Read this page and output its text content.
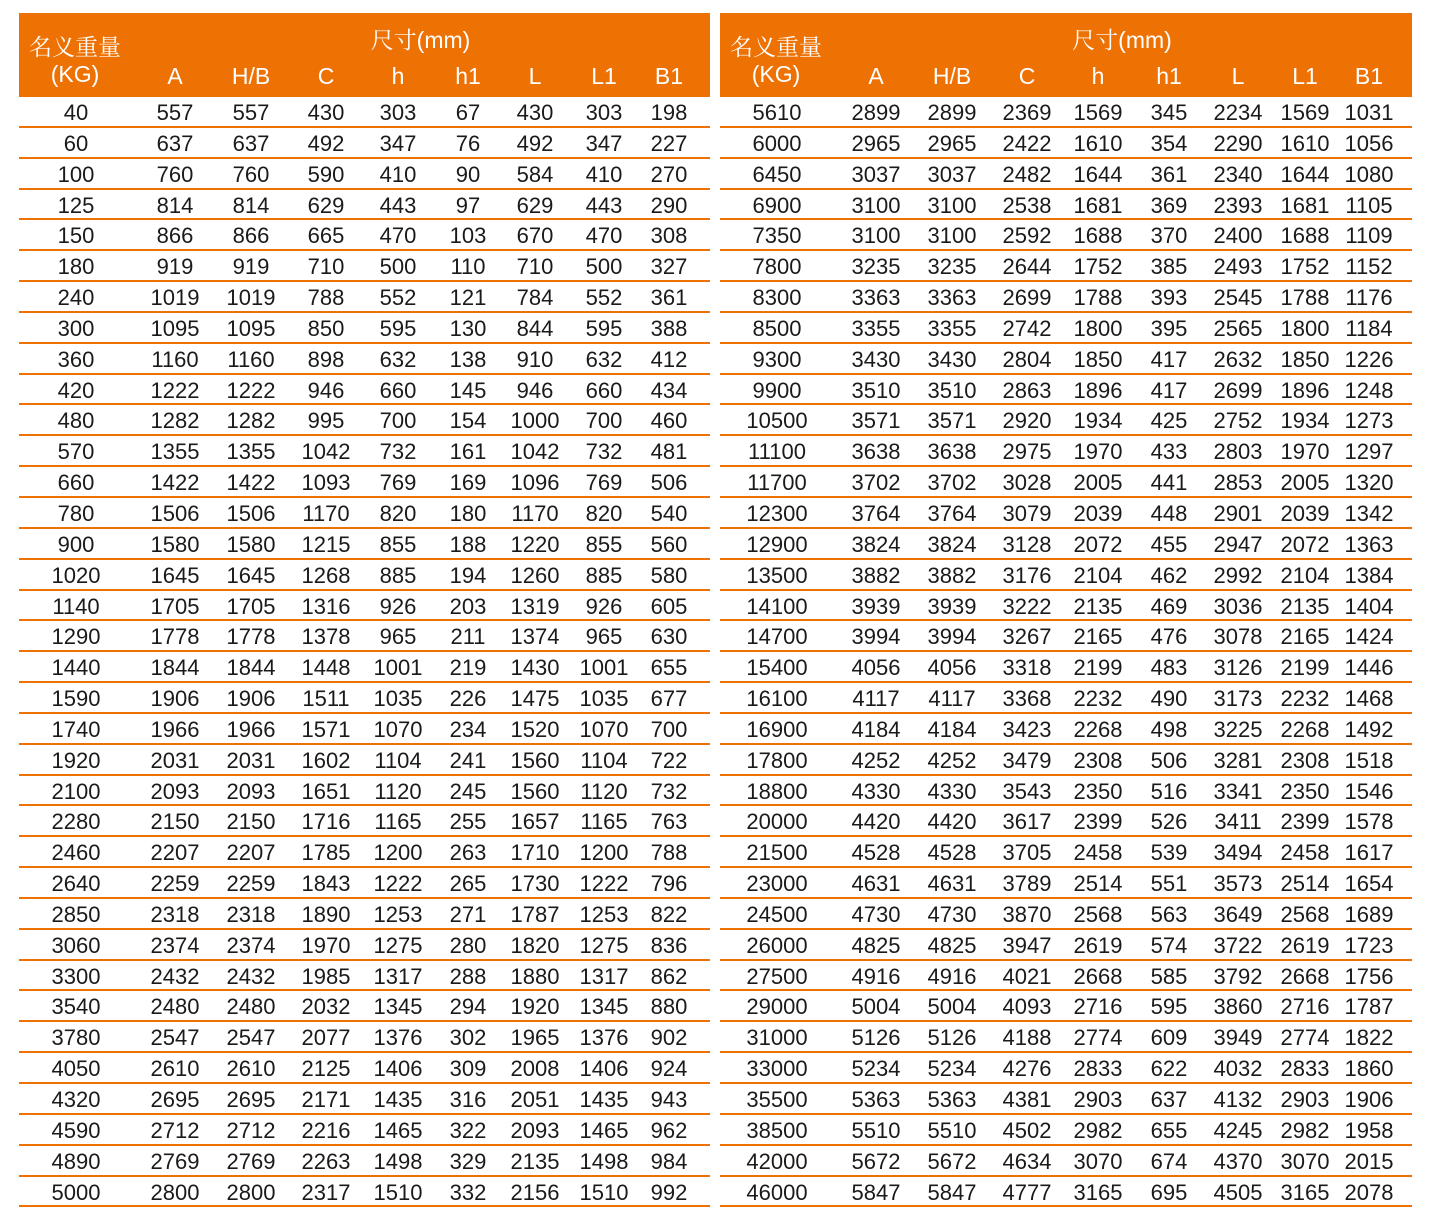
名义重量
(KG)
尺寸(mm)
A	H/B	C	h	h1	L	L1	B1
40	557	557	430	303	67	430	303	198
60	637	637	492	347	76	492	347	227
100	760	760	590	410	90	584	410	270
125	814	814	629	443	97	629	443	290
150	866	866	665	470	103	670	470	308
180	919	919	710	500	110	710	500	327
240	1019	1019	788	552	121	784	552	361
300	1095	1095	850	595	130	844	595	388
360	1160	1160	898	632	138	910	632	412
420	1222	1222	946	660	145	946	660	434
480	1282	1282	995	700	154	1000	700	460
570	1355	1355	1042	732	161	1042	732	481
660	1422	1422	1093	769	169	1096	769	506
780	1506	1506	1170	820	180	1170	820	540
900	1580	1580	1215	855	188	1220	855	560
1020	1645	1645	1268	885	194	1260	885	580
1140	1705	1705	1316	926	203	1319	926	605
1290	1778	1778	1378	965	211	1374	965	630
1440	1844	1844	1448	1001	219	1430 1001	655
1590	1906	1906	1511	1035	226	1475 1035	677
1740	1966	1966	1571	1070	234	1520 1070	700
1920	2031	2031	1602	1104	241	1560 1104	722
2100	2093	2093	1651	1120	245	1560 1120	732
2280	2150	2150	1716	1165	255	1657 1165	763
2460	2207	2207	1785	1200	263	1710 1200	788
2640	2259	2259	1843	1222	265	1730 1222	796
2850	2318	2318	1890	1253	271	1787 1253	822
3060	2374	2374	1970	1275	280	1820 1275	836
3300	2432	2432	1985	1317	288	1880 1317	862
3540	2480	2480	2032	1345	294	1920 1345	880
3780	2547	2547	2077	1376	302	1965 1376	902
4050	2610	2610	2125	1406	309	2008 1406	924
4320	2695	2695	2171	1435	316	2051 1435	943
4590	2712	2712	2216	1465	322	2093 1465	962
4890	2769	2769	2263	1498	329	2135 1498	984
5000	2800	2800	2317	1510	332	2156 1510	992
名义重量
(KG)
尺寸(mm)
A	H/B	C	h	h1	L	L1	B1
5610	2899	2899	2369	1569	345	2234 1569 1031
6000	2965	2965	2422	1610	354	2290 1610 1056
6450	3037	3037	2482	1644	361	2340 1644 1080
6900	3100	3100	2538	1681	369	2393 1681 1105
7350	3100	3100	2592	1688	370	2400 1688 1109
7800	3235	3235	2644	1752	385	2493 1752 1152
8300	3363	3363	2699	1788	393	2545 1788 1176
8500	3355	3355	2742	1800	395	2565 1800 1184
9300	3430	3430	2804	1850	417	2632 1850 1226
9900	3510	3510	2863	1896	417	2699 1896 1248
10500	3571	3571	2920	1934	425	2752 1934 1273
11100	3638	3638	2975	1970	433	2803 1970 1297
11700	3702	3702	3028	2005	441	2853 2005 1320
12300	3764	3764	3079	2039	448	2901 2039 1342
12900	3824	3824	3128	2072	455	2947 2072 1363
13500	3882	3882	3176	2104	462	2992 2104 1384
14100	3939	3939	3222	2135	469	3036 2135 1404
14700	3994	3994	3267	2165	476	3078 2165 1424
15400	4056	4056	3318	2199	483	3126 2199 1446
16100	4117	4117	3368	2232	490	3173 2232 1468
16900	4184	4184	3423	2268	498	3225 2268 1492
17800	4252	4252	3479	2308	506	3281 2308 1518
18800	4330	4330	3543	2350	516	3341 2350 1546
20000	4420	4420	3617	2399	526	3411 2399 1578
21500	4528	4528	3705	2458	539	3494 2458 1617
23000	4631	4631	3789	2514	551	3573 2514 1654
24500	4730	4730	3870	2568	563	3649 2568 1689
26000	4825	4825	3947	2619	574	3722 2619 1723
27500	4916	4916	4021	2668	585	3792 2668 1756
29000	5004	5004	4093	2716	595	3860 2716 1787
31000	5126	5126	4188	2774	609	3949 2774 1822
33000	5234	5234	4276	2833	622	4032 2833 1860
35500	5363	5363	4381	2903	637	4132 2903 1906
38500	5510	5510	4502	2982	655	4245 2982 1958
42000	5672	5672	4634	3070	674	4370 3070 2015
46000	5847	5847	4777	3165	695	4505 3165 2078
